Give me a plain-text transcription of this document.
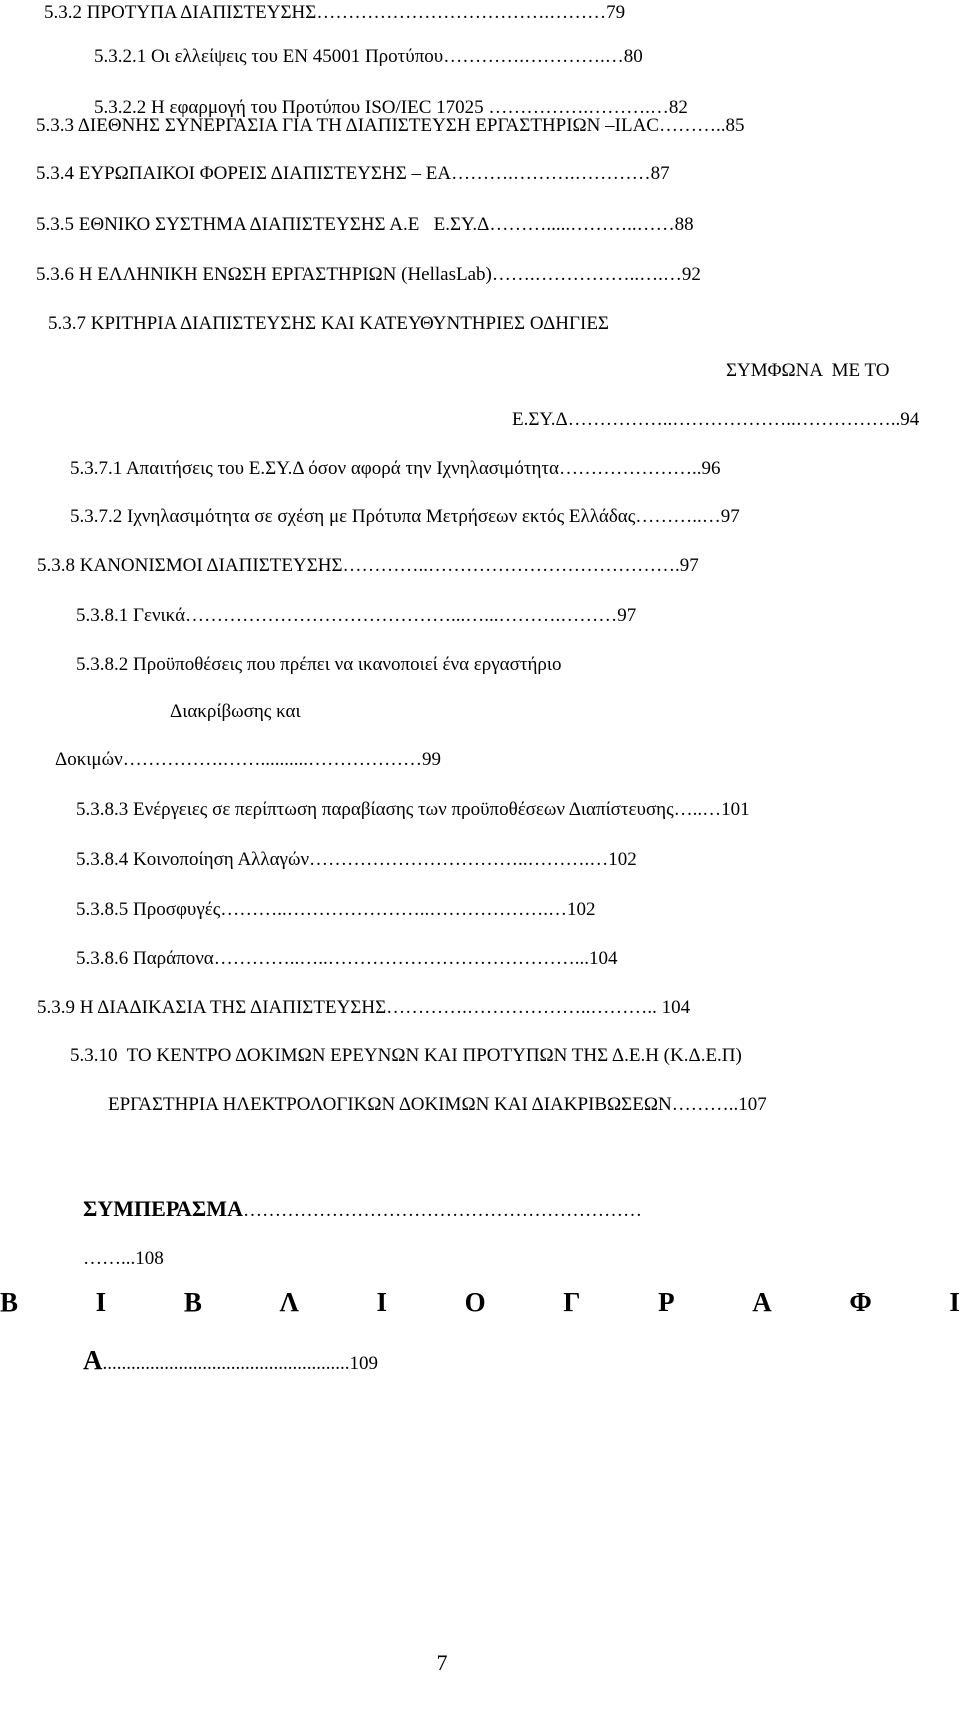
5.3.2 ΠΡΟΤΥΠΑ ΔΙΑΠΙΣΤΕΥΣΗΣ……………………………….………79
5.3.2.1 Οι ελλείψεις του ΕΝ 45001 Προτύπου………….………….…80
5.3.2.2 Η εφαρμογή του Προτύπου ISO/IEC 17025 …………….……….…82
5.3.3 ΔΙΕΘΝΗΣ ΣΥΝΕΡΓΑΣΙΑ ΓΙΑ ΤΗ ΔΙΑΠΙΣΤΕΥΣΗ ΕΡΓΑΣΤΗΡΙΩΝ –ILAC………..85
5.3.4 ΕΥΡΩΠΑΙΚΟΙ ΦΟΡΕΙΣ ΔΙΑΠΙΣΤΕΥΣΗΣ – EA……….……….…………87
5.3.5 ΕΘΝΙΚΟ ΣΥΣΤΗΜΑ ΔΙΑΠΙΣΤΕΥΣΗΣ Α.Ε   Ε.ΣΥ.Δ……….....………..……88
5.3.6 Η ΕΛΛΗΝΙΚΗ ΕΝΩΣΗ ΕΡΓΑΣΤΗΡΙΩΝ (HellasLab)…….……………..….…92
5.3.7 ΚΡΙΤΗΡΙΑ ΔΙΑΠΙΣΤΕΥΣΗΣ ΚΑΙ ΚΑΤΕΥΘΥΝΤΗΡΙΕΣ ΟΔΗΓΙΕΣ
ΣΥΜΦΩΝΑ  ΜΕ ΤΟ
Ε.ΣΥ.Δ……………..………………..……………..94
5.3.7.1 Απαιτήσεις του Ε.ΣΥ.Δ όσον αφορά την Ιχνηλασιμότητα…………………..96
5.3.7.2 Ιχνηλασιμότητα σε σχέση με Πρότυπα Μετρήσεων εκτός Ελλάδας………..…97
5.3.8 ΚΑΝΟΝΙΣΜΟΙ ΔΙΑΠΙΣΤΕΥΣΗΣ…………..………………………………….97
5.3.8.1 Γενικά……………………………………...…...……….………97
5.3.8.2 Προϋποθέσεις που πρέπει να ικανοποιεί ένα εργαστήριο
Διακρίβωσης και
Δοκιμών…………….……..........………………99
5.3.8.3 Ενέργειες σε περίπτωση παραβίασης των προϋποθέσεων Διαπίστευσης…..…101
5.3.8.4 Κοινοποίηση Αλλαγών……………………………..……….…102
5.3.8.5 Προσφυγές………..…………………..……………….…102
5.3.8.6 Παράπονα…………..…..…………………………………...104
5.3.9 Η ΔΙΑΔΙΚΑΣΙΑ ΤΗΣ ΔΙΑΠΙΣΤΕΥΣΗΣ………….………………..……….. 104
5.3.10  ΤΟ ΚΕΝΤΡΟ ΔΟΚΙΜΩΝ ΕΡΕΥΝΩΝ ΚΑΙ ΠΡΟΤΥΠΩΝ ΤΗΣ Δ.Ε.Η (Κ.Δ.Ε.Π)
ΕΡΓΑΣΤΗΡΙΑ ΗΛΕΚΤΡΟΛΟΓΙΚΩΝ ΔΟΚΙΜΩΝ ΚΑΙ ΔΙΑΚΡΙΒΩΣΕΩΝ………..107
ΣΥΜΠΕΡΑΣΜΑ………………………………………………………
……...108
Β	Ι	Β	Λ	Ι	Ο	Γ	Ρ	Α	Φ	Ι
Α....................................................109
7
